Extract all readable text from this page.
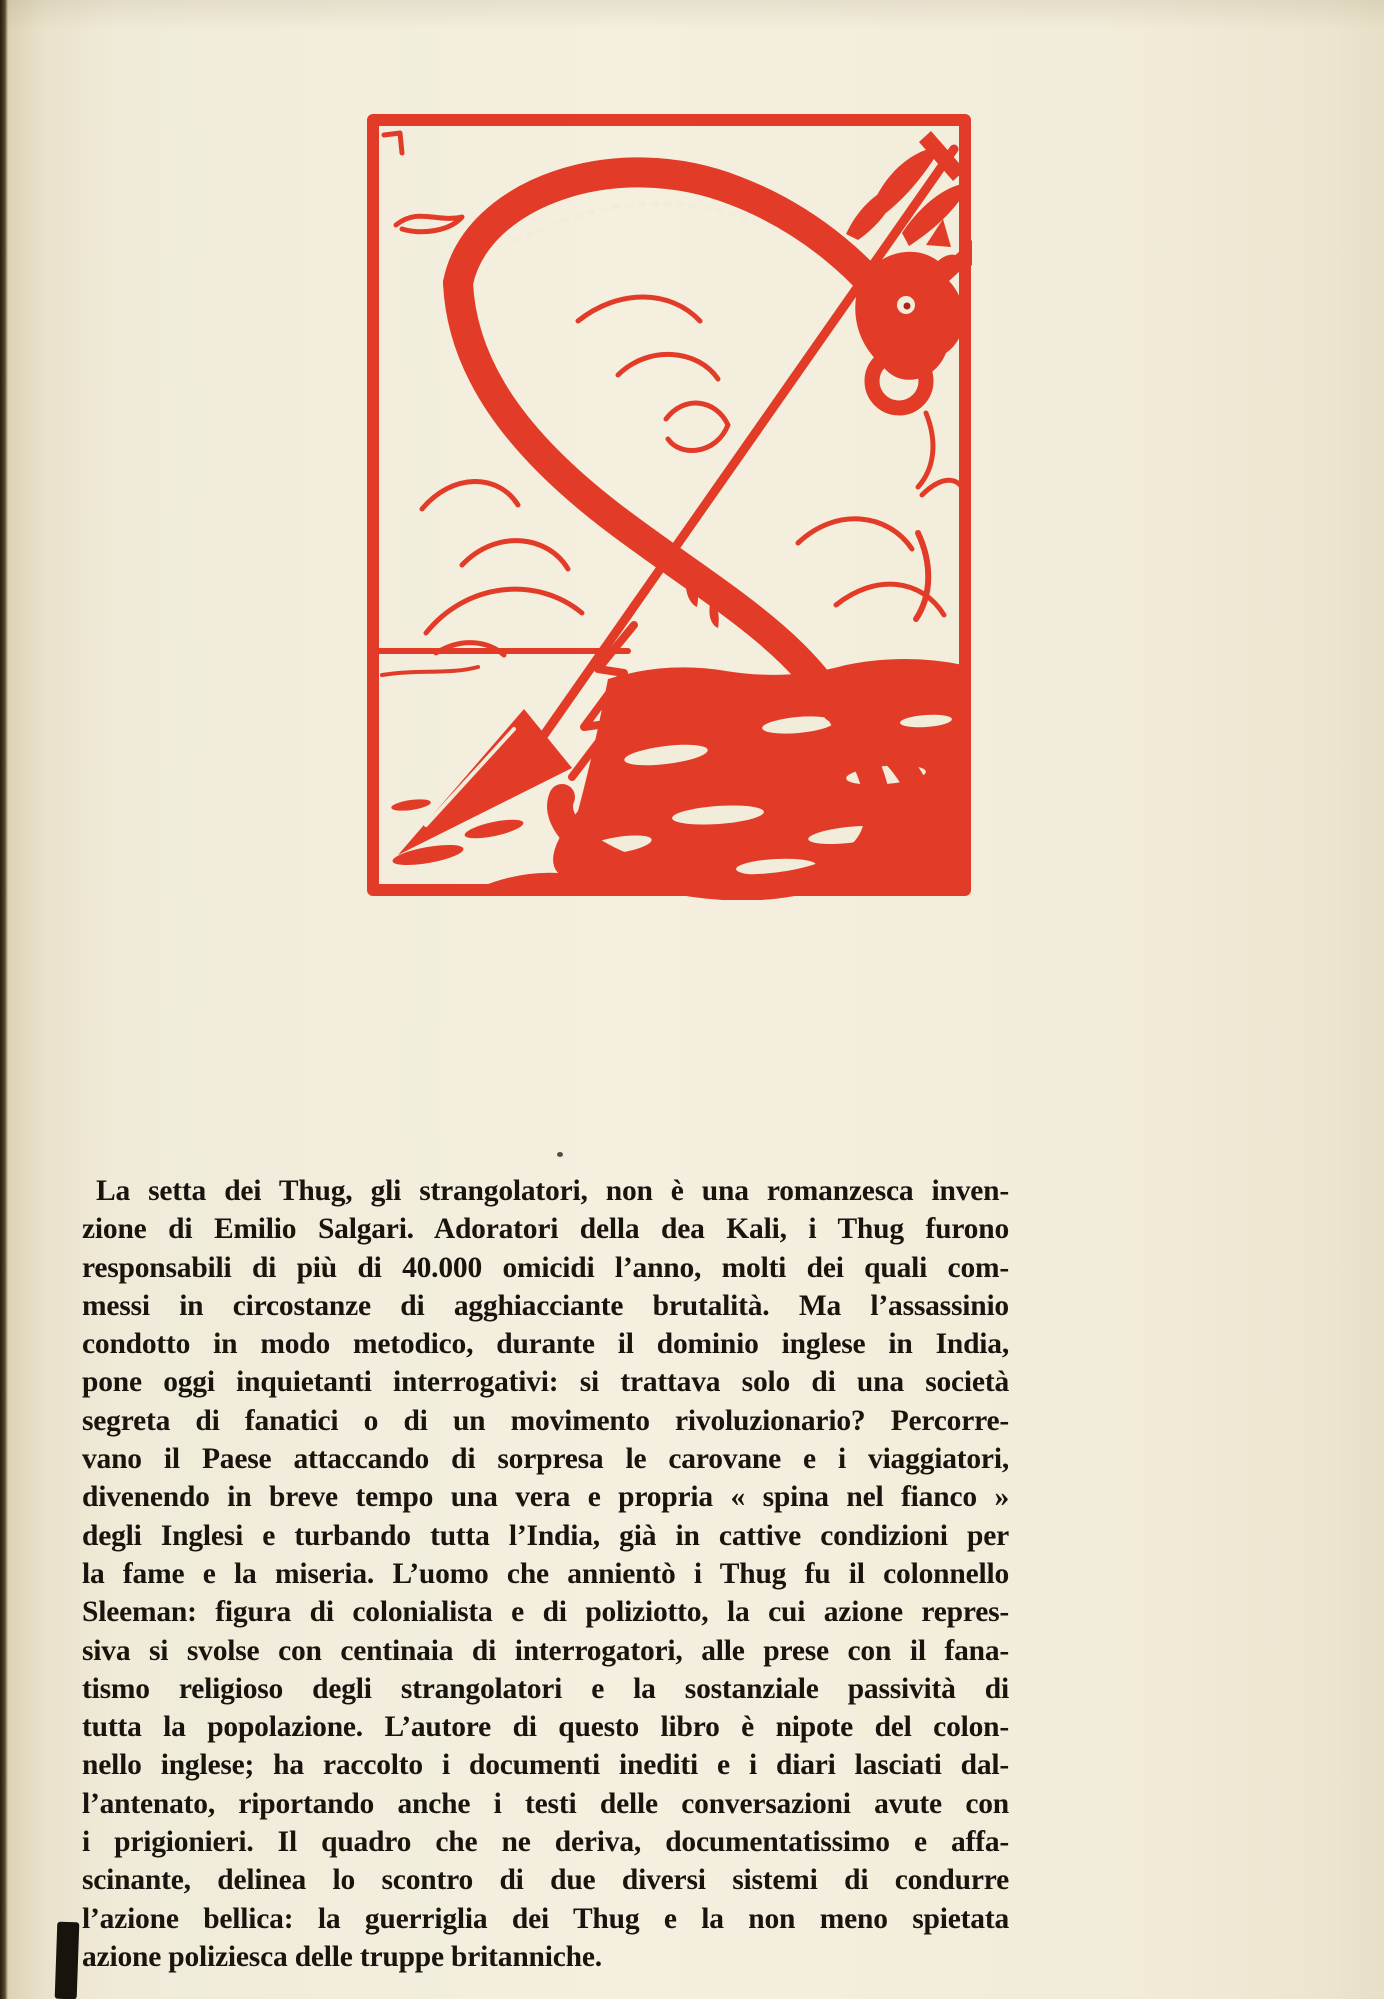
La setta dei Thug, gli strangolatori, non è una romanzesca inven-
zione di Emilio Salgari. Adoratori della dea Kali, i Thug furono
responsabili di più di 40.000 omicidi l’anno, molti dei quali com-
messi in circostanze di agghiacciante brutalità. Ma l’assassinio
condotto in modo metodico, durante il dominio inglese in India,
pone oggi inquietanti interrogativi: si trattava solo di una società
segreta di fanatici o di un movimento rivoluzionario? Percorre-
vano il Paese attaccando di sorpresa le carovane e i viaggiatori,
divenendo in breve tempo una vera e propria « spina nel fianco »
degli Inglesi e turbando tutta l’India, già in cattive condizioni per
la fame e la miseria. L’uomo che annientò i Thug fu il colonnello
Sleeman: figura di colonialista e di poliziotto, la cui azione repres-
siva si svolse con centinaia di interrogatori, alle prese con il fana-
tismo religioso degli strangolatori e la sostanziale passività di
tutta la popolazione. L’autore di questo libro è nipote del colon-
nello inglese; ha raccolto i documenti inediti e i diari lasciati dal-
l’antenato, riportando anche i testi delle conversazioni avute con
i prigionieri. Il quadro che ne deriva, documentatissimo e affa-
scinante, delinea lo scontro di due diversi sistemi di condurre
l’azione bellica: la guerriglia dei Thug e la non meno spietata
azione poliziesca delle truppe britanniche.
